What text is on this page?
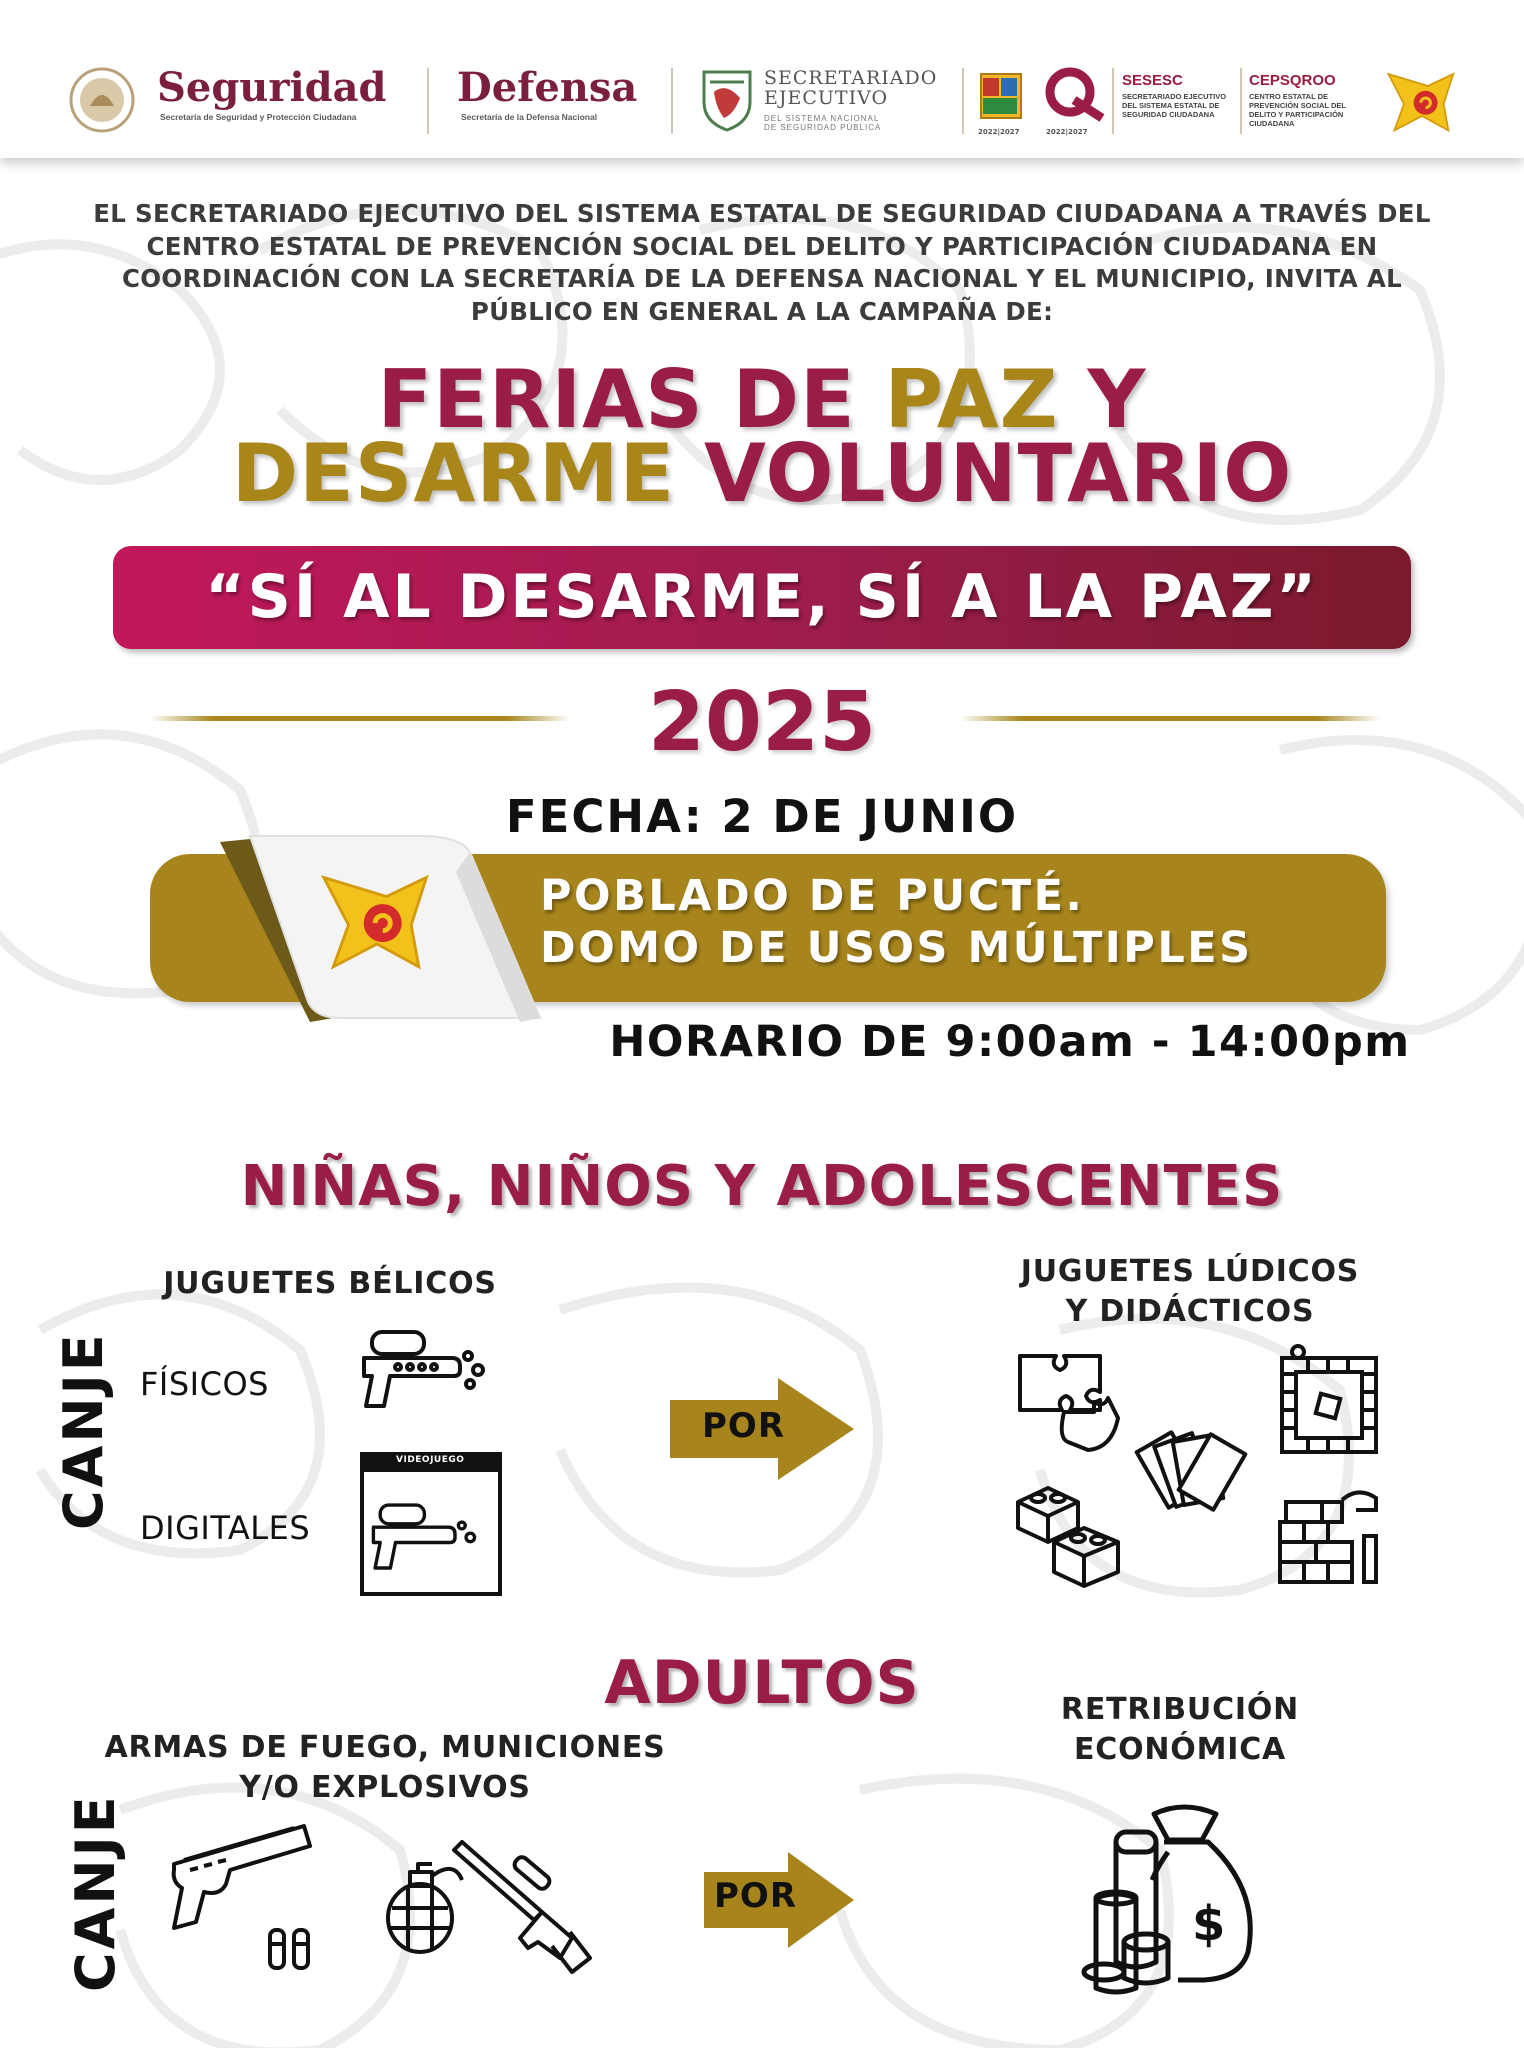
Seguridad
Secretaría de Seguridad y Protección Ciudadana
Defensa
Secretaría de la Defensa Nacional
SECRETARIADO
EJECUTIVO
DEL SISTEMA NACIONAL
DE SEGURIDAD PÚBLICA	2022|2027	2022|2027
SESESC
SECRETARIADO EJECUTIVO
DEL SISTEMA ESTATAL DE
SEGURIDAD CIUDADANA
CEPSQROO
CENTRO ESTATAL DE
PREVENCIÓN SOCIAL DEL
DELITO Y PARTICIPACIÓN
CIUDADANA
EL SECRETARIADO EJECUTIVO DEL SISTEMA ESTATAL DE SEGURIDAD CIUDADANA A TRAVÉS DEL
CENTRO ESTATAL DE PREVENCIÓN SOCIAL DEL DELITO Y PARTICIPACIÓN CIUDADANA EN
COORDINACIÓN CON LA SECRETARÍA DE LA DEFENSA NACIONAL Y EL MUNICIPIO, INVITA AL
PÚBLICO EN GENERAL A LA CAMPAÑA DE:
FERIAS DE PAZ Y
DESARME VOLUNTARIO
“SÍ AL DESARME, SÍ A LA PAZ”
2025
FECHA: 2 DE JUNIO
POBLADO DE PUCTÉ.
DOMO DE USOS MÚLTIPLES
HORARIO DE 9:00am - 14:00pm
NIÑAS, NIÑOS Y ADOLESCENTES
JUGUETES BÉLICOS
CANJE FÍSICOS
DIGITALES
VIDEOJUEGO
POR
JUGUETES LÚDICOS
Y DIDÁCTICOS
ADULTOS
ARMAS DE FUEGO, MUNICIONES
Y/O EXPLOSIVOS
CANJE	POR
RETRIBUCIÓN
ECONÓMICA
$
